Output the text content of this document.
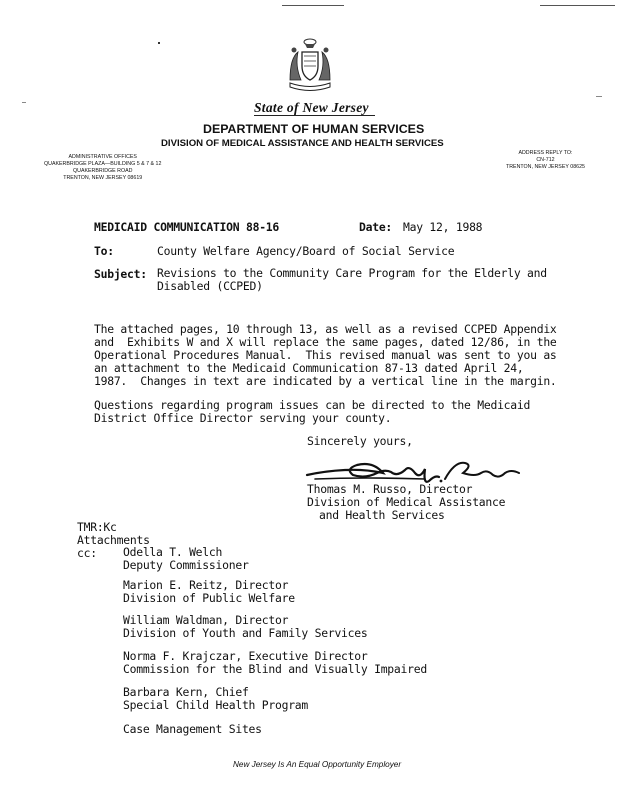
State of New Jersey
DEPARTMENT OF HUMAN SERVICES
DIVISION OF MEDICAL ASSISTANCE AND HEALTH SERVICES
ADMINISTRATIVE OFFICES
QUAKERBRIDGE PLAZA—BUILDING 5 & 7 & 12
QUAKERBRIDGE ROAD
TRENTON, NEW JERSEY 08619
ADDRESS REPLY TO:
CN-712
TRENTON, NEW JERSEY 08625
MEDICAID COMMUNICATION 88-16	Date: May 12, 1988
To:	County Welfare Agency/Board of Social Service
Subject: Revisions to the Community Care Program for the Elderly and
Disabled (CCPED)
The attached pages, 10 through 13, as well as a revised CCPED Appendix
and  Exhibits W and X will replace the same pages, dated 12/86, in the
Operational Procedures Manual.  This revised manual was sent to you as
an attachment to the Medicaid Communication 87-13 dated April 24,
1987.  Changes in text are indicated by a vertical line in the margin.
Questions regarding program issues can be directed to the Medicaid
District Office Director serving your county.
Sincerely yours,
Thomas M. Russo, Director
Division of Medical Assistance
and Health Services
TMR:Kc
Attachments
cc: Odella T. Welch
Deputy Commissioner
Marion E. Reitz, Director
Division of Public Welfare
William Waldman, Director
Division of Youth and Family Services
Norma F. Krajczar, Executive Director
Commission for the Blind and Visually Impaired
Barbara Kern, Chief
Special Child Health Program
Case Management Sites
New Jersey Is An Equal Opportunity Employer
